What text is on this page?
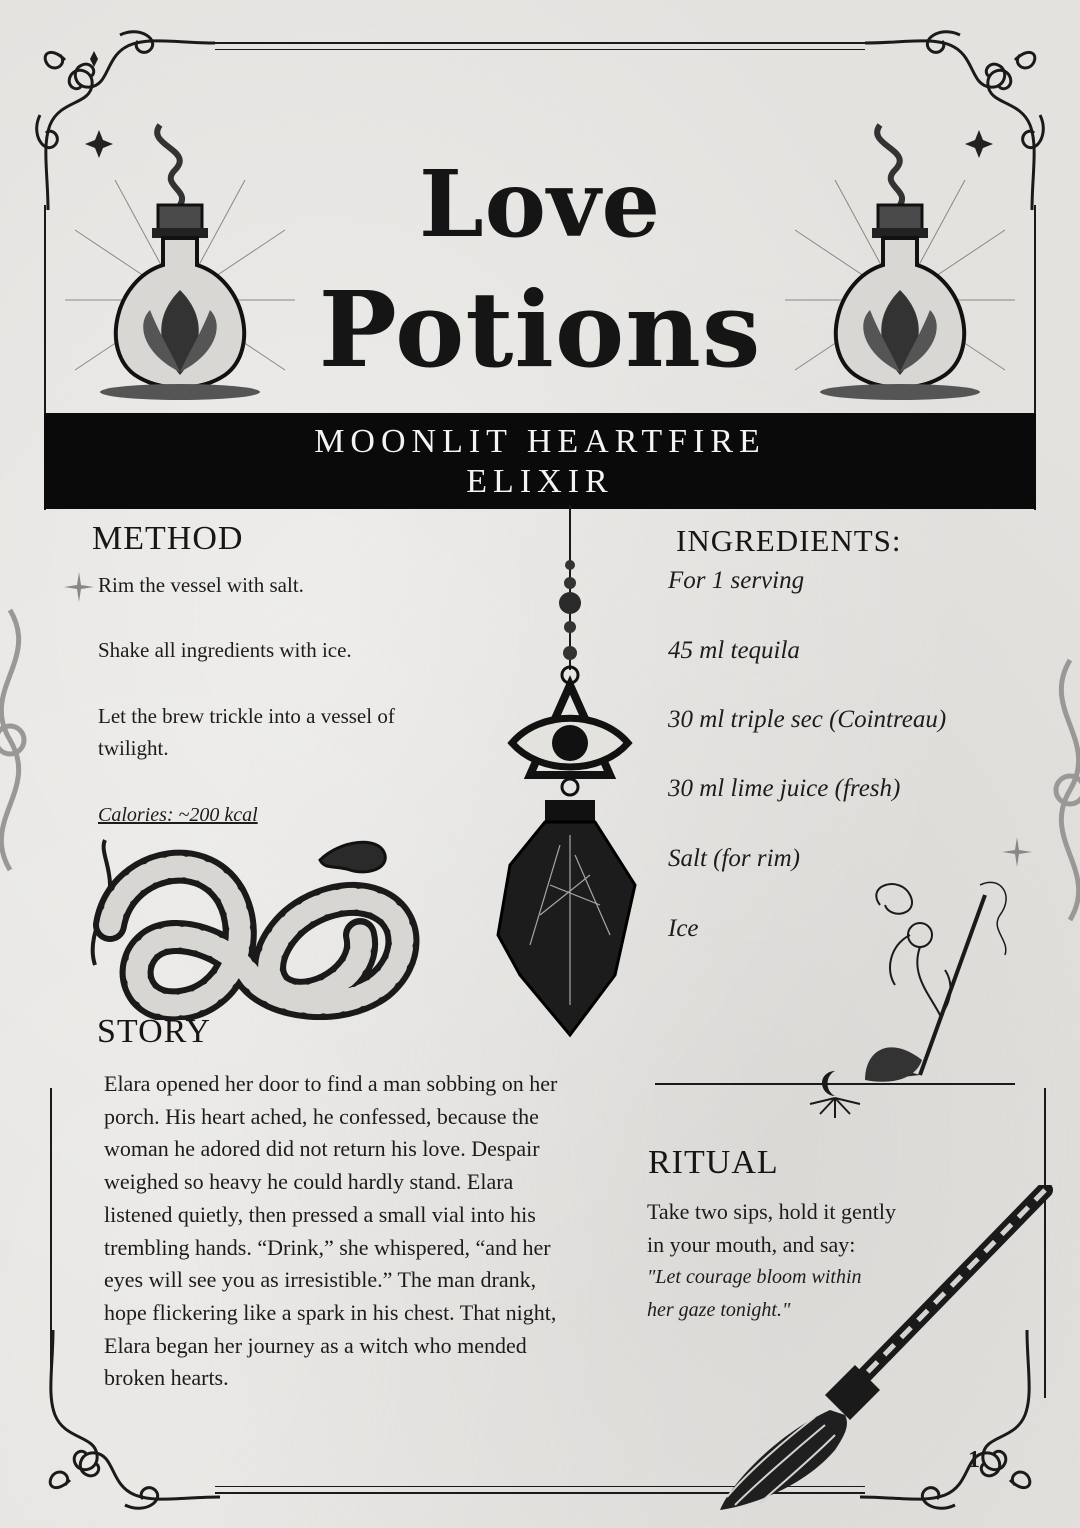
Love
Potions
MOONLIT HEARTFIRE
ELIXIR
METHOD
Rim the vessel with salt.
Shake all ingredients with ice.
Let the brew trickle into a vessel of
twilight.
Calories: ~200 kcal
INGREDIENTS:
For 1 serving
45 ml tequila
30 ml triple sec (Cointreau)
30 ml lime juice (fresh)
Salt (for rim)
Ice
STORY
Elara opened her door to find a man sobbing on her porch. His heart ached, he confessed, because the woman he adored did not return his love. Despair weighed so heavy he could hardly stand. Elara listened quietly, then pressed a small vial into his trembling hands. “Drink,” she whispered, “and her eyes will see you as irresistible.” The man drank, hope flickering like a spark in his chest. That night, Elara began her journey as a witch who mended broken hearts.
RITUAL
Take two sips, hold it gently
in your mouth, and say:
"Let courage bloom within
her gaze tonight."
1
